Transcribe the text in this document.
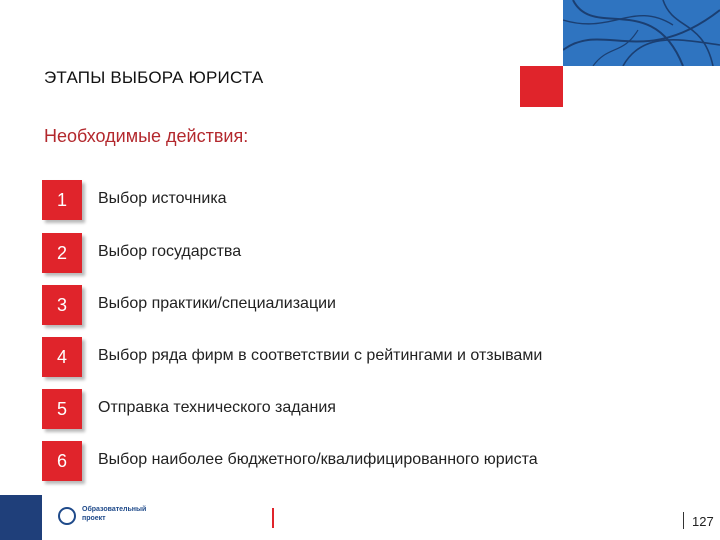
ЭТАПЫ ВЫБОРА ЮРИСТА
Необходимые действия:
1	Выбор источника
2	Выбор государства
3	Выбор практики/специализации
4	Выбор ряда фирм в соответствии с рейтингами и отзывами
5	Отправка технического задания
6	Выбор наиболее бюджетного/квалифицированного юриста
Образовательный
проект	127
